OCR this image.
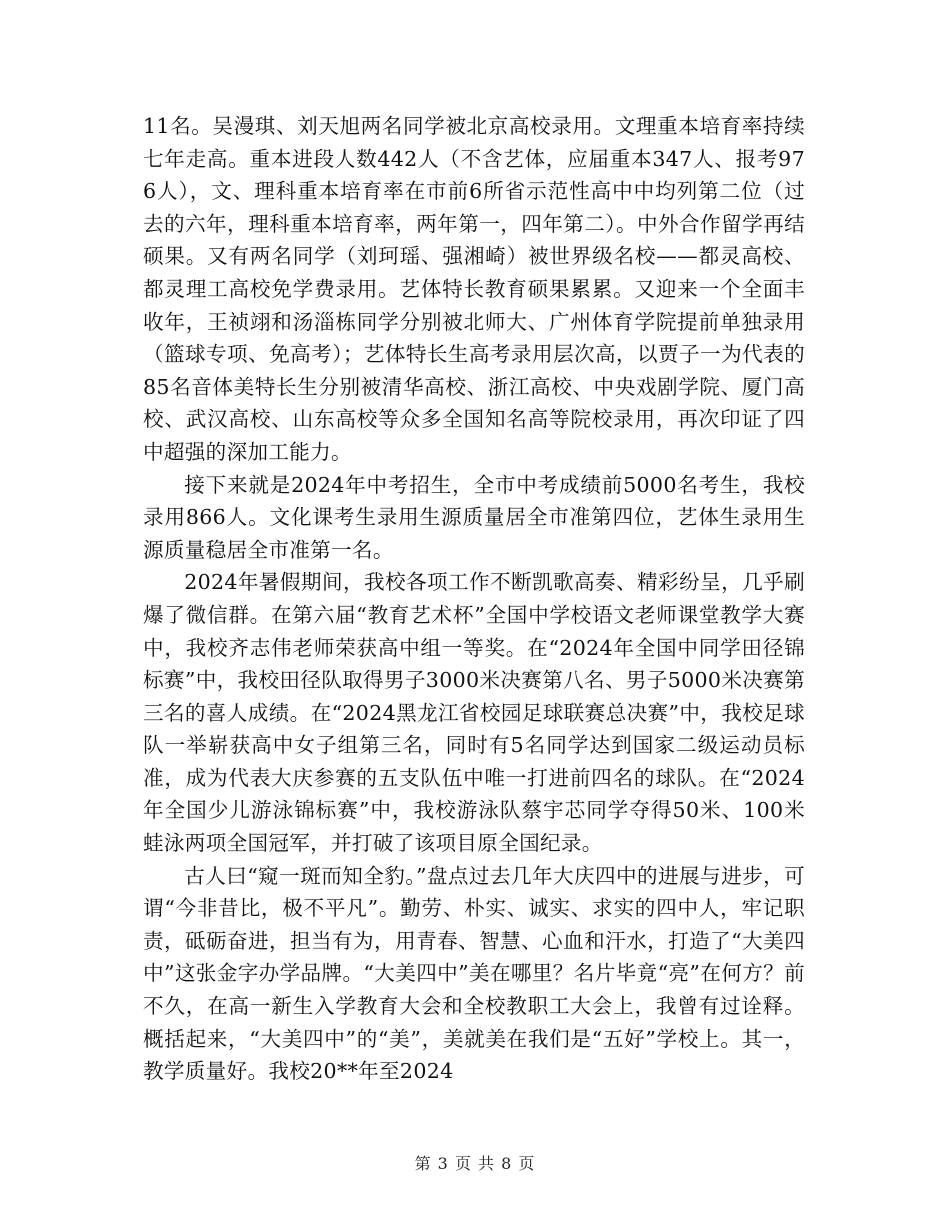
11名。吴漫琪、刘天旭两名同学被北京高校录用。文理重本培育率持续七年走高。重本进段人数442人（不含艺体，应届重本347人、报考976人），文、理科重本培育率在市前6所省示范性高中中均列第二位（过去的六年，理科重本培育率，两年第一，四年第二）。中外合作留学再结硕果。又有两名同学（刘珂瑶、强湘崎）被世界级名校——都灵高校、都灵理工高校免学费录用。艺体特长教育硕果累累。又迎来一个全面丰收年，王祯翊和汤淄栋同学分别被北师大、广州体育学院提前单独录用（篮球专项、免高考）；艺体特长生高考录用层次高，以贾子一为代表的85名音体美特长生分别被清华高校、浙江高校、中央戏剧学院、厦门高校、武汉高校、山东高校等众多全国知名高等院校录用，再次印证了四中超强的深加工能力。

接下来就是2024年中考招生，全市中考成绩前5000名考生，我校录用866人。文化课考生录用生源质量居全市准第四位，艺体生录用生源质量稳居全市准第一名。

2024年暑假期间，我校各项工作不断凯歌高奏、精彩纷呈，几乎刷爆了微信群。在第六届“教育艺术杯”全国中学校语文老师课堂教学大赛中，我校齐志伟老师荣获高中组一等奖。在“2024年全国中同学田径锦标赛”中，我校田径队取得男子3000米决赛第八名、男子5000米决赛第三名的喜人成绩。在“2024黑龙江省校园足球联赛总决赛”中，我校足球队一举崭获高中女子组第三名，同时有5名同学达到国家二级运动员标准，成为代表大庆参赛的五支队伍中唯一打进前四名的球队。在“2024年全国少儿游泳锦标赛”中，我校游泳队蔡宇芯同学夺得50米、100米蛙泳两项全国冠军，并打破了该项目原全国纪录。

古人曰“窥一斑而知全豹。”盘点过去几年大庆四中的进展与进步，可谓“今非昔比，极不平凡”。勤劳、朴实、诚实、求实的四中人，牢记职责，砥砺奋进，担当有为，用青春、智慧、心血和汗水，打造了“大美四中”这张金字办学品牌。“大美四中”美在哪里？名片毕竟“亮”在何方？前不久，在高一新生入学教育大会和全校教职工大会上，我曾有过诠释。概括起来，“大美四中”的“美”，美就美在我们是“五好”学校上。其一，教学质量好。我校20**年至2024

第 3 页 共 8 页
